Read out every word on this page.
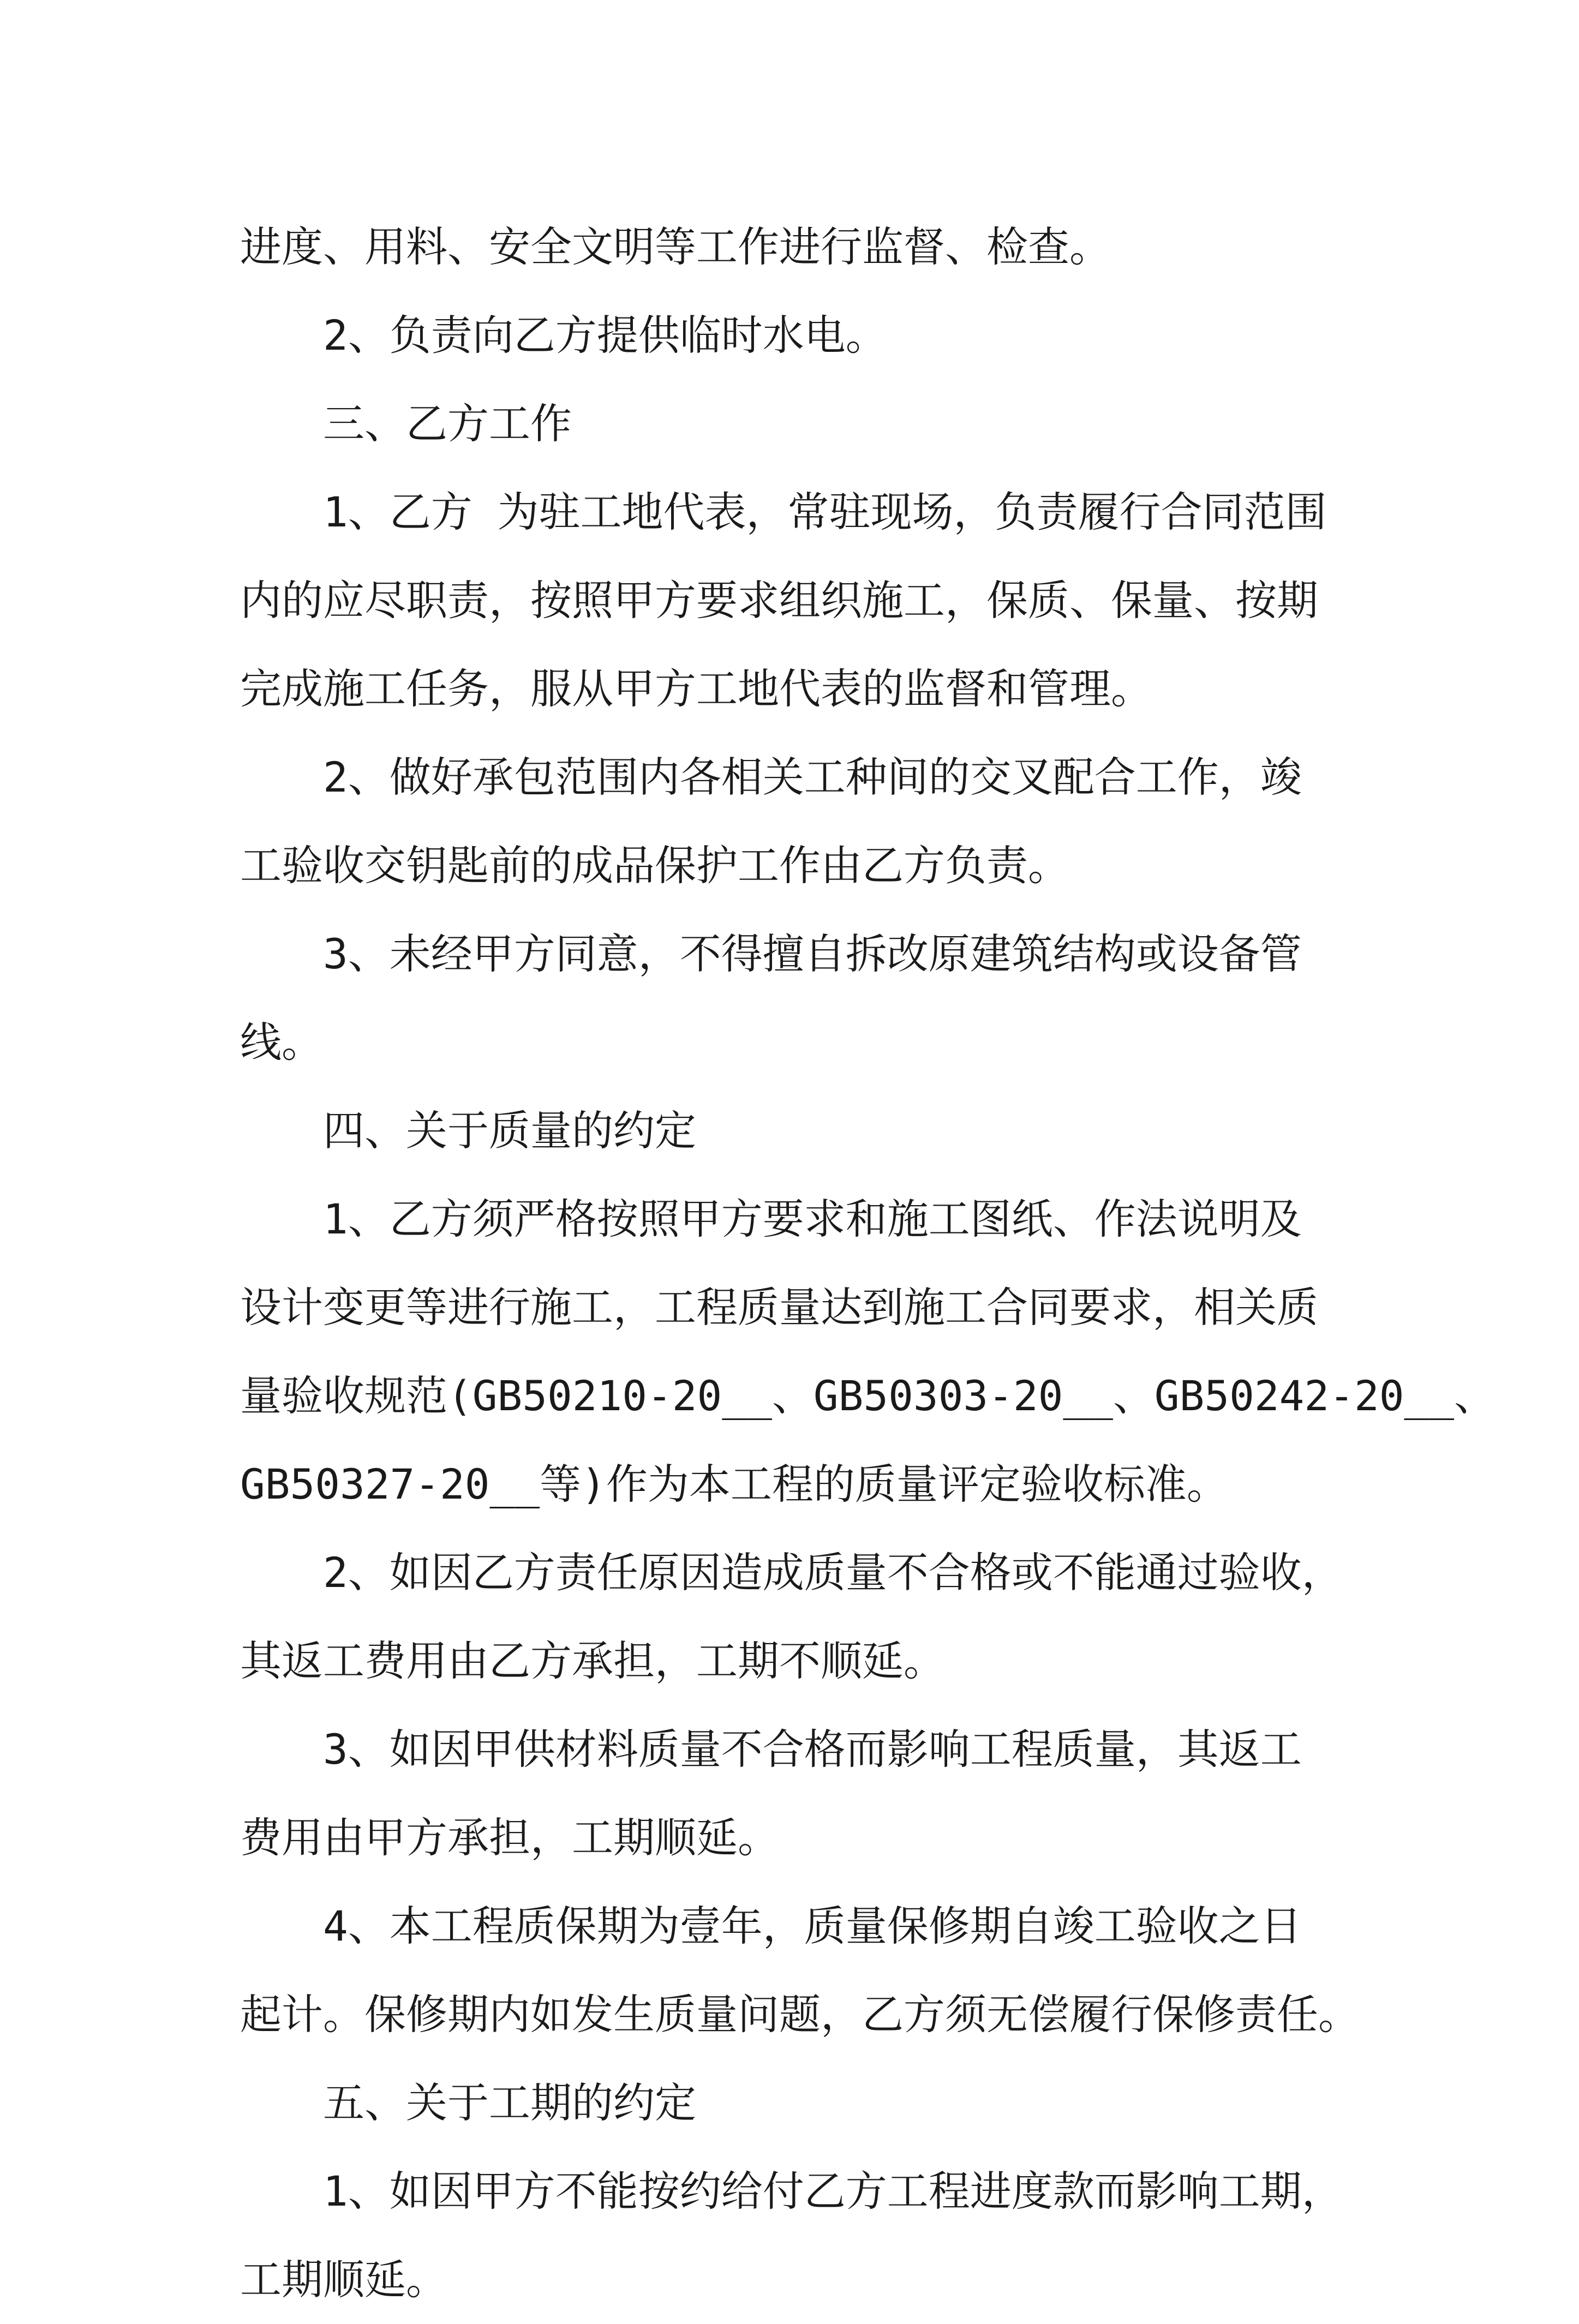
进度、用料、安全文明等工作进行监督、检查。
2、负责向乙方提供临时水电。
三、乙方工作
1、乙方 为驻工地代表，常驻现场，负责履行合同范围
内的应尽职责，按照甲方要求组织施工，保质、保量、按期
完成施工任务，服从甲方工地代表的监督和管理。
2、做好承包范围内各相关工种间的交叉配合工作，竣
工验收交钥匙前的成品保护工作由乙方负责。
3、未经甲方同意，不得擅自拆改原建筑结构或设备管
线。
四、关于质量的约定
1、乙方须严格按照甲方要求和施工图纸、作法说明及
设计变更等进行施工，工程质量达到施工合同要求，相关质
量验收规范(GB50210-20__、GB50303-20__、GB50242-20__、
GB50327-20__等)作为本工程的质量评定验收标准。
2、如因乙方责任原因造成质量不合格或不能通过验收，
其返工费用由乙方承担，工期不顺延。
3、如因甲供材料质量不合格而影响工程质量，其返工
费用由甲方承担，工期顺延。
4、本工程质保期为壹年，质量保修期自竣工验收之日
起计。保修期内如发生质量问题，乙方须无偿履行保修责任。
五、关于工期的约定
1、如因甲方不能按约给付乙方工程进度款而影响工期，
工期顺延。
